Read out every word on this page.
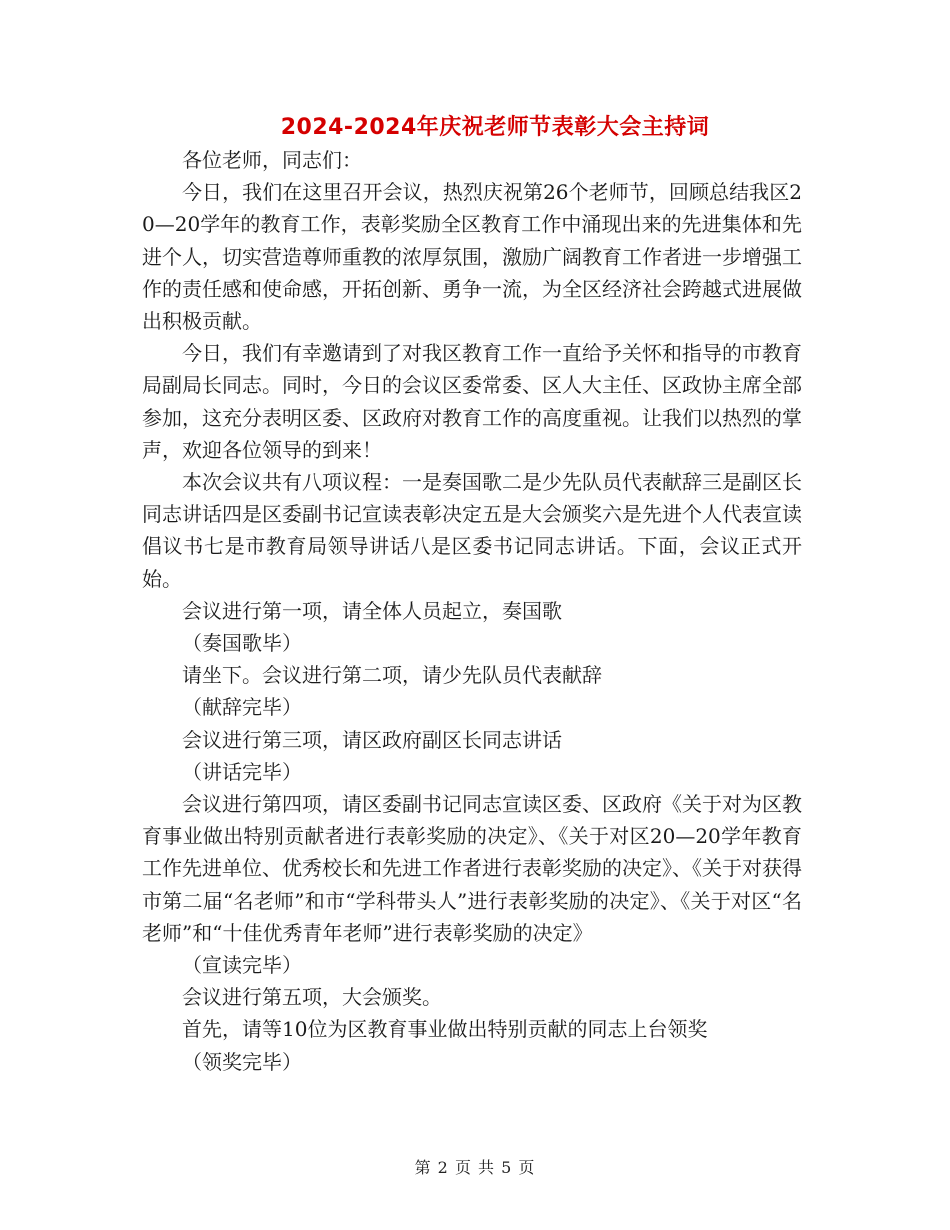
2024-2024年庆祝老师节表彰大会主持词

各位老师，同志们：

今日，我们在这里召开会议，热烈庆祝第26个老师节，回顾总结我区20—20学年的教育工作，表彰奖励全区教育工作中涌现出来的先进集体和先进个人，切实营造尊师重教的浓厚氛围，激励广阔教育工作者进一步增强工作的责任感和使命感，开拓创新、勇争一流，为全区经济社会跨越式进展做出积极贡献。

今日，我们有幸邀请到了对我区教育工作一直给予关怀和指导的市教育局副局长同志。同时，今日的会议区委常委、区人大主任、区政协主席全部参加，这充分表明区委、区政府对教育工作的高度重视。让我们以热烈的掌声，欢迎各位领导的到来！

本次会议共有八项议程：一是奏国歌二是少先队员代表献辞三是副区长同志讲话四是区委副书记宣读表彰决定五是大会颁奖六是先进个人代表宣读倡议书七是市教育局领导讲话八是区委书记同志讲话。下面，会议正式开始。

会议进行第一项，请全体人员起立，奏国歌

（奏国歌毕）

请坐下。会议进行第二项，请少先队员代表献辞

（献辞完毕）

会议进行第三项，请区政府副区长同志讲话

（讲话完毕）

会议进行第四项，请区委副书记同志宣读区委、区政府《关于对为区教育事业做出特别贡献者进行表彰奖励的决定》、《关于对区20—20学年教育工作先进单位、优秀校长和先进工作者进行表彰奖励的决定》、《关于对获得市第二届“名老师”和市“学科带头人”进行表彰奖励的决定》、《关于对区“名老师”和“十佳优秀青年老师”进行表彰奖励的决定》

（宣读完毕）

会议进行第五项，大会颁奖。

首先，请等10位为区教育事业做出特别贡献的同志上台领奖

（领奖完毕）

第 2 页 共 5 页
